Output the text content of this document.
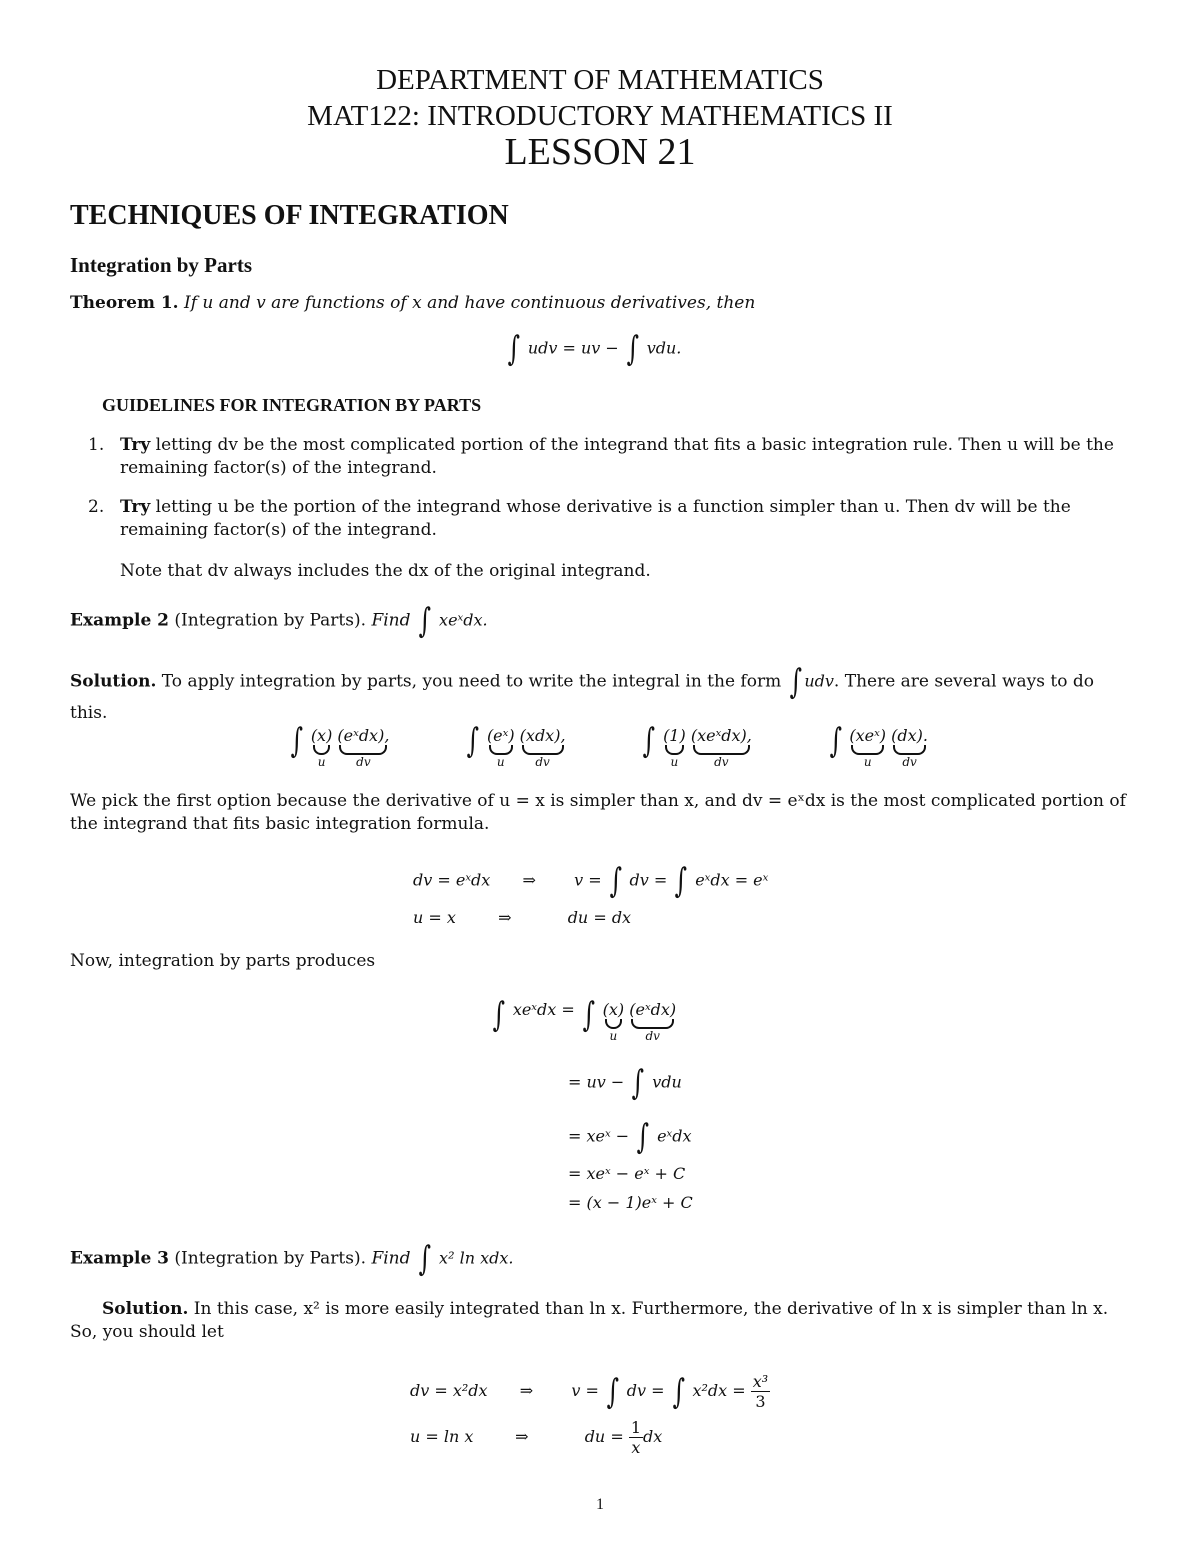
DEPARTMENT OF MATHEMATICS
MAT122: INTRODUCTORY MATHEMATICS II
LESSON 21
TECHNIQUES OF INTEGRATION
Integration by Parts
Theorem 1. If u and v are functions of x and have continuous derivatives, then
∫ udv = uv − ∫ vdu.
GUIDELINES FOR INTEGRATION BY PARTS
1. Try letting dv be the most complicated portion of the integrand that fits a basic integration rule. Then u will be the remaining factor(s) of the integrand.
2. Try letting u be the portion of the integrand whose derivative is a function simpler than u. Then dv will be the remaining factor(s) of the integrand.
Note that dv always includes the dx of the original integrand.
Example 2 (Integration by Parts). Find ∫ xeˣdx.
Solution. To apply integration by parts, you need to write the integral in the form ∫ udv. There are several ways to do
this.
∫ (x)
u
(eˣdx),
dv
∫ (eˣ)
u
(xdx),
dv
∫ (1)
u
(xeˣdx),
dv
∫ (xeˣ)
u
(dx).
dv
We pick the first option because the derivative of u = x is simpler than x, and dv = eˣdx is the most complicated portion of the integrand that fits basic integration formula.
dv = eˣdx ⇒ v = ∫ dv = ∫ eˣdx = eˣ
u = x	⇒	du = dx
Now, integration by parts produces
∫ xeˣdx = ∫ (x)
u
(eˣdx)
dv
= uv − ∫ vdu
= xeˣ − ∫ eˣdx
= xeˣ − eˣ + C
= (x − 1)eˣ + C
Example 3 (Integration by Parts). Find ∫ x² ln xdx.
Solution. In this case, x² is more easily integrated than ln x. Furthermore, the derivative of ln x is simpler than ln x. So, you should let
dv = x²dx ⇒ v = ∫ dv = ∫ $x^2dx = \frac{\text{x³}}{3}$
u = ln x	⇒	du = $\frac{1}{x}$ dx
1
